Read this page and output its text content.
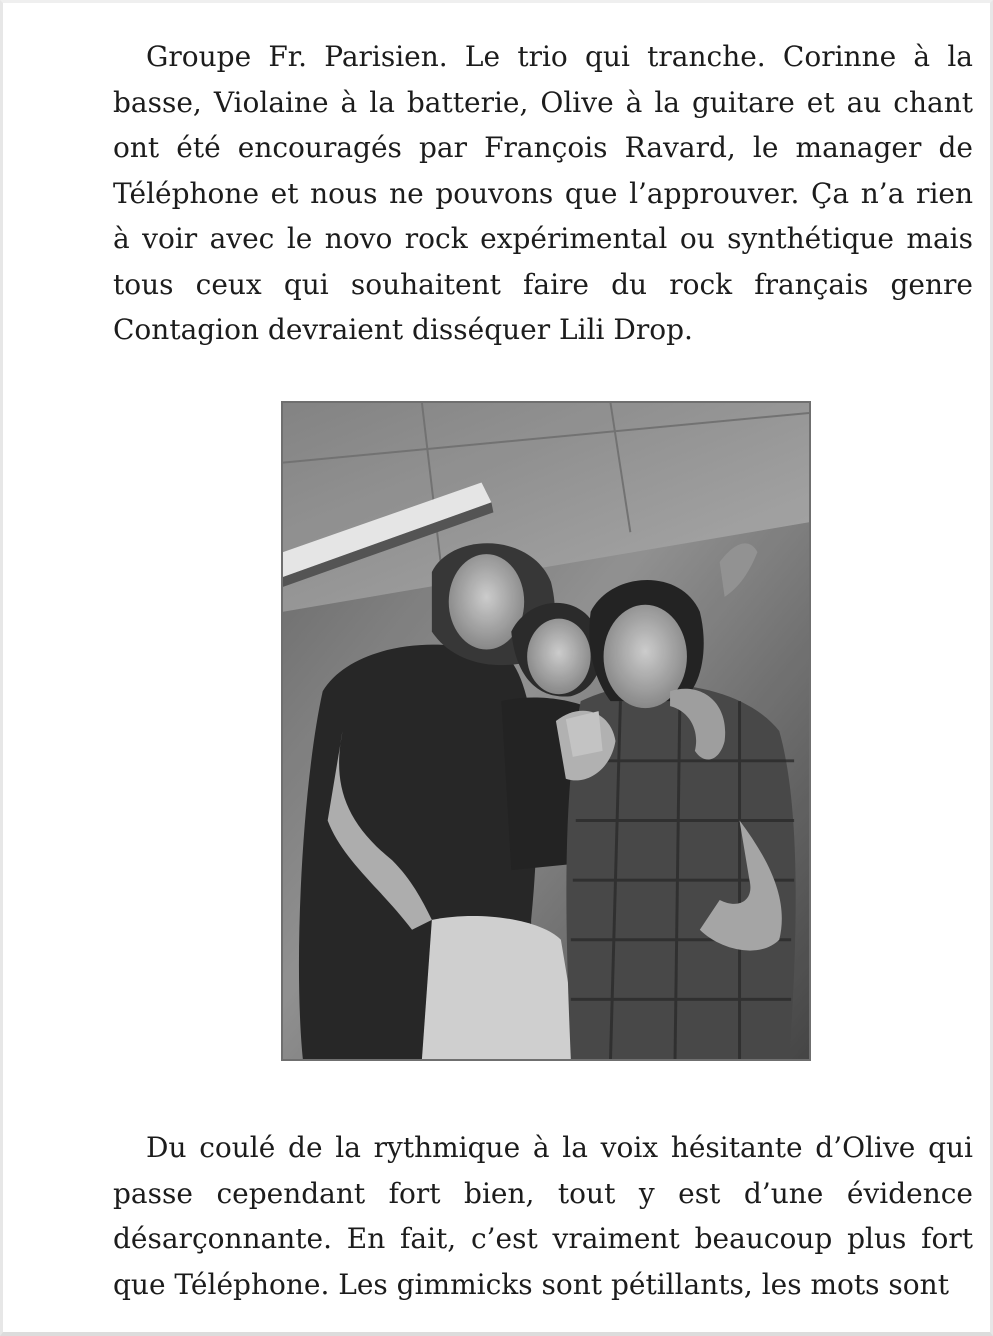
Groupe Fr. Parisien. Le trio qui tranche. Corinne à la basse, Violaine à la batterie, Olive à la guitare et au chant ont été encouragés par François Ravard, le manager de Téléphone et nous ne pouvons que l’approuver. Ça n’a rien à voir avec le novo rock expérimental ou synthétique mais tous ceux qui souhaitent faire du rock français genre Contagion devraient disséquer Lili Drop.

Du coulé de la rythmique à la voix hésitante d’Olive qui passe cependant fort bien, tout y est d’une évidence désarçonnante. En fait, c’est vraiment beaucoup plus fort que Téléphone. Les gimmicks sont pétillants, les mots sont
